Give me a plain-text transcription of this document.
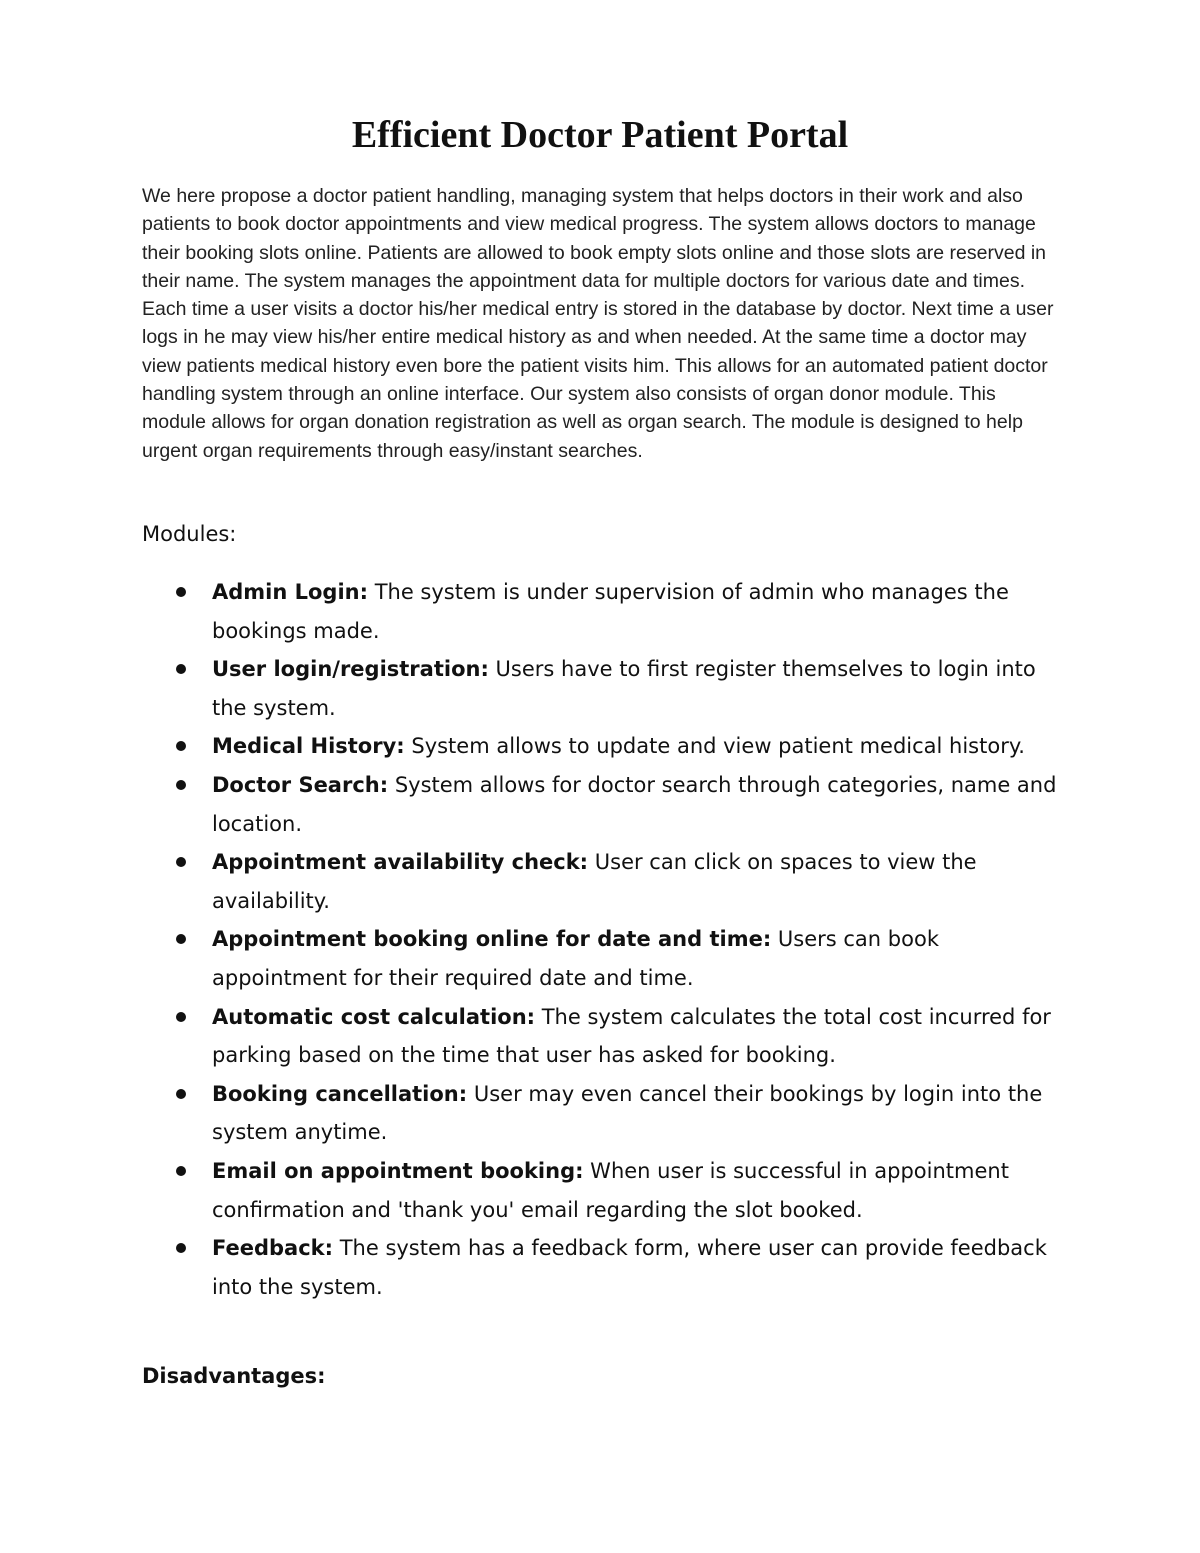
Efficient Doctor Patient Portal

We here propose a doctor patient handling, managing system that helps doctors in their work and also patients to book doctor appointments and view medical progress. The system allows doctors to manage their booking slots online. Patients are allowed to book empty slots online and those slots are reserved in their name. The system manages the appointment data for multiple doctors for various date and times. Each time a user visits a doctor his/her medical entry is stored in the database by doctor. Next time a user logs in he may view his/her entire medical history as and when needed. At the same time a doctor may view patients medical history even bore the patient visits him. This allows for an automated patient doctor handling system through an online interface. Our system also consists of organ donor module. This module allows for organ donation registration as well as organ search. The module is designed to help urgent organ requirements through easy/instant searches.

Modules:
Admin Login: The system is under supervision of admin who manages the bookings made.
User login/registration: Users have to first register themselves to login into the system.
Medical History: System allows to update and view patient medical history.
Doctor Search: System allows for doctor search through categories, name and location.
Appointment availability check: User can click on spaces to view the availability.
Appointment booking online for date and time: Users can book appointment for their required date and time.
Automatic cost calculation: The system calculates the total cost incurred for parking based on the time that user has asked for booking.
Booking cancellation: User may even cancel their bookings by login into the system anytime.
Email on appointment booking: When user is successful in appointment confirmation and 'thank you' email regarding the slot booked.
Feedback: The system has a feedback form, where user can provide feedback into the system.
Disadvantages:
